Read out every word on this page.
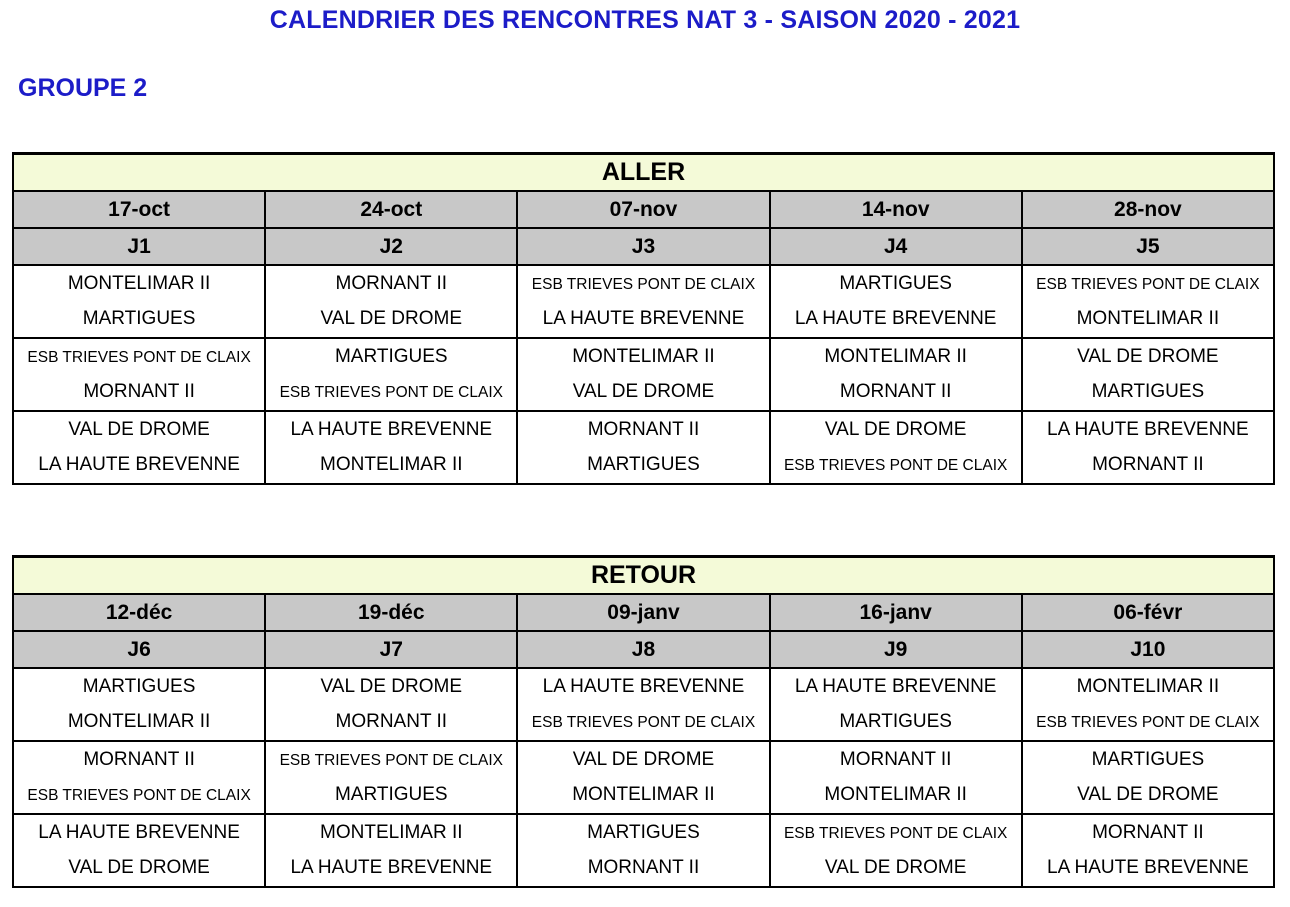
CALENDRIER DES RENCONTRES NAT 3 - SAISON 2020 - 2021
GROUPE 2
ALLER				
17-oct	24-oct	07-nov	14-nov	28-nov
J1	J2	J3	J4	J5
MONTELIMAR II	MORNANT II	ESB TRIEVES PONT DE CLAIX	MARTIGUES	ESB TRIEVES PONT DE CLAIX
MARTIGUES	VAL DE DROME	LA HAUTE BREVENNE	LA HAUTE BREVENNE	MONTELIMAR II
ESB TRIEVES PONT DE CLAIX	MARTIGUES	MONTELIMAR II	MONTELIMAR II	VAL DE DROME
MORNANT II	ESB TRIEVES PONT DE CLAIX	VAL DE DROME	MORNANT II	MARTIGUES
VAL DE DROME	LA HAUTE BREVENNE	MORNANT II	VAL DE DROME	LA HAUTE BREVENNE
LA HAUTE BREVENNE	MONTELIMAR II	MARTIGUES	ESB TRIEVES PONT DE CLAIX	MORNANT II
RETOUR				
12-déc	19-déc	09-janv	16-janv	06-févr
J6	J7	J8	J9	J10
MARTIGUES	VAL DE DROME	LA HAUTE BREVENNE	LA HAUTE BREVENNE	MONTELIMAR II
MONTELIMAR II	MORNANT II	ESB TRIEVES PONT DE CLAIX	MARTIGUES	ESB TRIEVES PONT DE CLAIX
MORNANT II	ESB TRIEVES PONT DE CLAIX	VAL DE DROME	MORNANT II	MARTIGUES
ESB TRIEVES PONT DE CLAIX	MARTIGUES	MONTELIMAR II	MONTELIMAR II	VAL DE DROME
LA HAUTE BREVENNE	MONTELIMAR II	MARTIGUES	ESB TRIEVES PONT DE CLAIX	MORNANT II
VAL DE DROME	LA HAUTE BREVENNE	MORNANT II	VAL DE DROME	LA HAUTE BREVENNE
